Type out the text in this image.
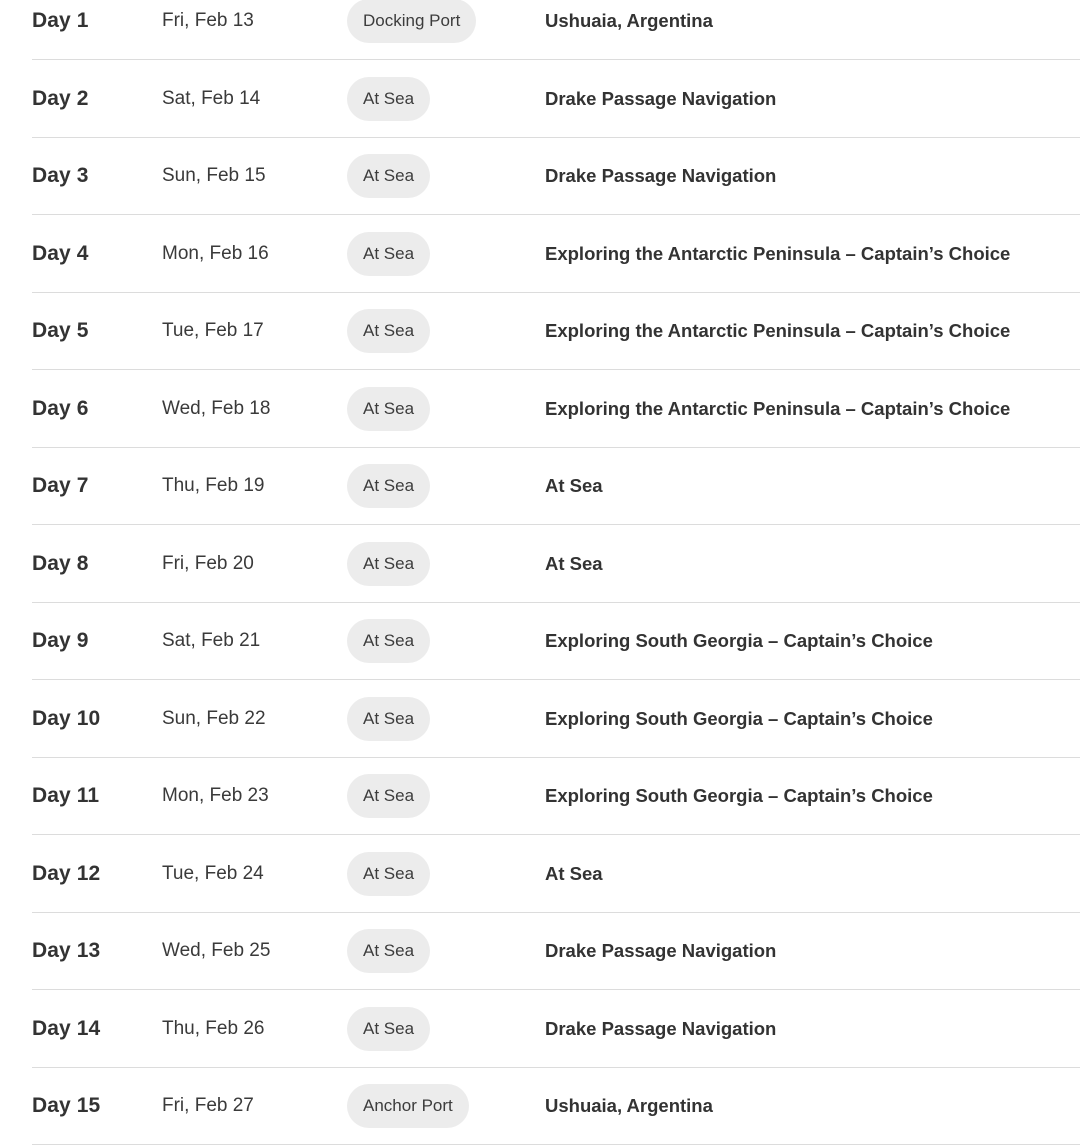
Day 1	Fri, Feb 13	Docking Port	Ushuaia, Argentina
Day 2	Sat, Feb 14	At Sea	Drake Passage Navigation
Day 3	Sun, Feb 15	At Sea	Drake Passage Navigation
Day 4	Mon, Feb 16	At Sea	Exploring the Antarctic Peninsula – Captain’s Choice
Day 5	Tue, Feb 17	At Sea	Exploring the Antarctic Peninsula – Captain’s Choice
Day 6	Wed, Feb 18	At Sea	Exploring the Antarctic Peninsula – Captain’s Choice
Day 7	Thu, Feb 19	At Sea	At Sea
Day 8	Fri, Feb 20	At Sea	At Sea
Day 9	Sat, Feb 21	At Sea	Exploring South Georgia – Captain’s Choice
Day 10	Sun, Feb 22	At Sea	Exploring South Georgia – Captain’s Choice
Day 11	Mon, Feb 23	At Sea	Exploring South Georgia – Captain’s Choice
Day 12	Tue, Feb 24	At Sea	At Sea
Day 13	Wed, Feb 25	At Sea	Drake Passage Navigation
Day 14	Thu, Feb 26	At Sea	Drake Passage Navigation
Day 15	Fri, Feb 27	Anchor Port	Ushuaia, Argentina
